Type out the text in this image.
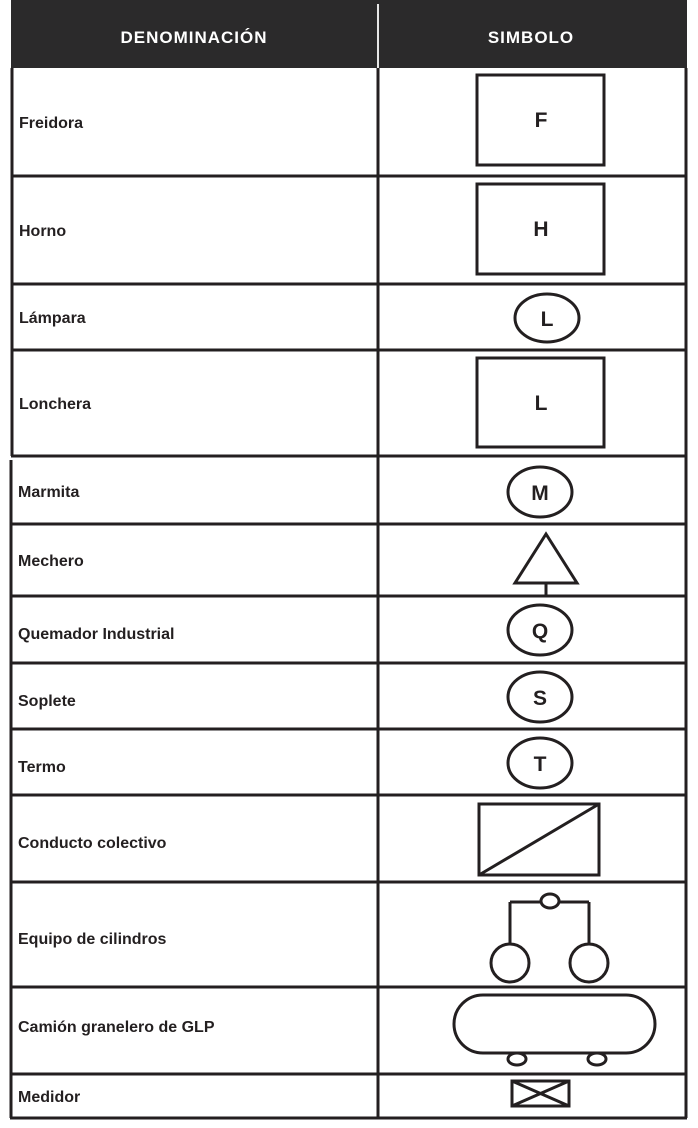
DENOMINACIÓN	SIMBOLO
Freidora
Horno
Lámpara
Lonchera
Marmita
Mechero
Quemador Industrial
Soplete
Termo
Conducto colectivo
Equipo de cilindros
Camión granelero de GLP
Medidor
F
H
L
L
M
Q
S
T
